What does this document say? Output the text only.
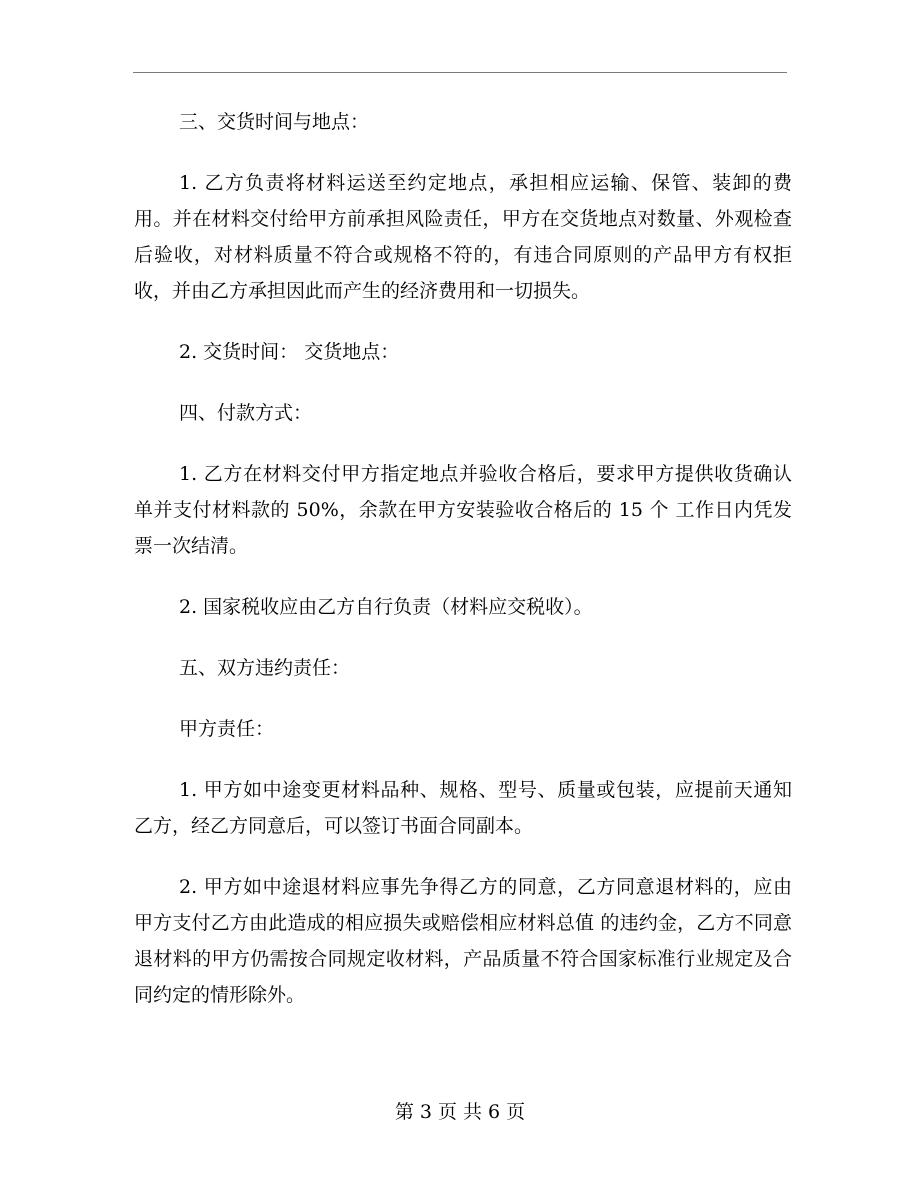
三、交货时间与地点：

1. 乙方负责将材料运送至约定地点，承担相应运输、保管、装卸的费用。并在材料交付给甲方前承担风险责任，甲方在交货地点对数量、外观检查后验收，对材料质量不符合或规格不符的，有违合同原则的产品甲方有权拒收，并由乙方承担因此而产生的经济费用和一切损失。

2. 交货时间： 交货地点：

四、付款方式：

1. 乙方在材料交付甲方指定地点并验收合格后，要求甲方提供收货确认单并支付材料款的 50%，余款在甲方安装验收合格后的 15 个 工作日内凭发票一次结清。

2. 国家税收应由乙方自行负责（材料应交税收）。

五、双方违约责任：

甲方责任：

1. 甲方如中途变更材料品种、规格、型号、质量或包装，应提前天通知乙方，经乙方同意后，可以签订书面合同副本。

2. 甲方如中途退材料应事先争得乙方的同意，乙方同意退材料的，应由甲方支付乙方由此造成的相应损失或赔偿相应材料总值 的违约金，乙方不同意退材料的甲方仍需按合同规定收材料，产品质量不符合国家标准行业规定及合同约定的情形除外。

第 3 页 共 6 页
